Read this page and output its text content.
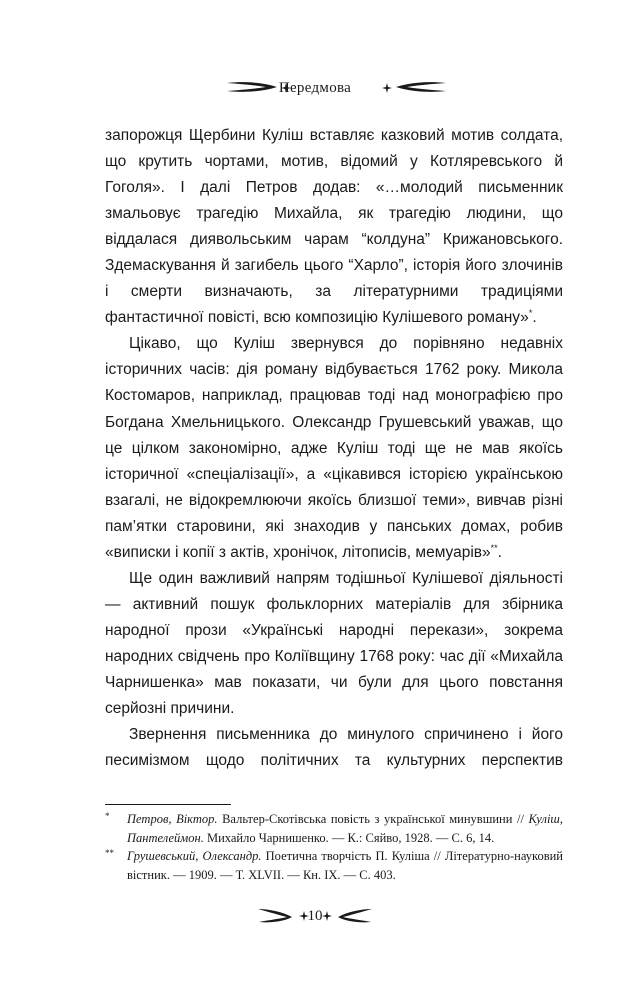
Передмова

запорожця Щербини Куліш вставляє казковий мотив солдата, що крутить чортами, мотив, відомий у Котляревського й Гоголя». І далі Петров додав: «…молодий письменник змальовує трагедію Михайла, як трагедію людини, що віддалася диявольським чарам “колдуна” Крижановського. Здемаскування й загибель цього “Харло”, історія його злочинів і смерти визначають, за літературними традиціями фантастичної повісті, всю композицію Кулішевого роману»*.

Цікаво, що Куліш звернувся до порівняно недавніх історичних часів: дія роману відбувається 1762 року. Микола Костомаров, наприклад, працював тоді над монографією про Богдана Хмельницького. Олександр Грушевський уважав, що це цілком закономірно, адже Куліш тоді ще не мав якоїсь історичної «спеціалізації», а «цікавився історією українською взагалі, не відокремлюючи якоїсь близшої теми», вивчав різні пам’ятки старовини, які знаходив у панських домах, робив «виписки і копії з актів, хронічок, літописів, мемуарів»**.

Ще один важливий напрям тодішньої Кулішевої діяльності — активний пошук фольклорних матеріалів для збірника народної прози «Українські народні перекази», зокрема народних свідчень про Коліївщину 1768 року: час дії «Михайла Чарнишенка» мав показати, чи були для цього повстання серйозні причини.

Звернення письменника до минулого спричинено і його песимізмом щодо політичних та культурних перспектив

* Петров, Віктор. Вальтер-Скотівська повість з української минувшини // Куліш, Пантелеймон. Михайло Чарнишенко. — К.: Сяйво, 1928. — С. 6, 14.
** Грушевський, Олександр. Поетична творчість П. Куліша // Літературно-науковий вістник. — 1909. — Т. XLVII. — Кн. IX. — С. 403.
10
